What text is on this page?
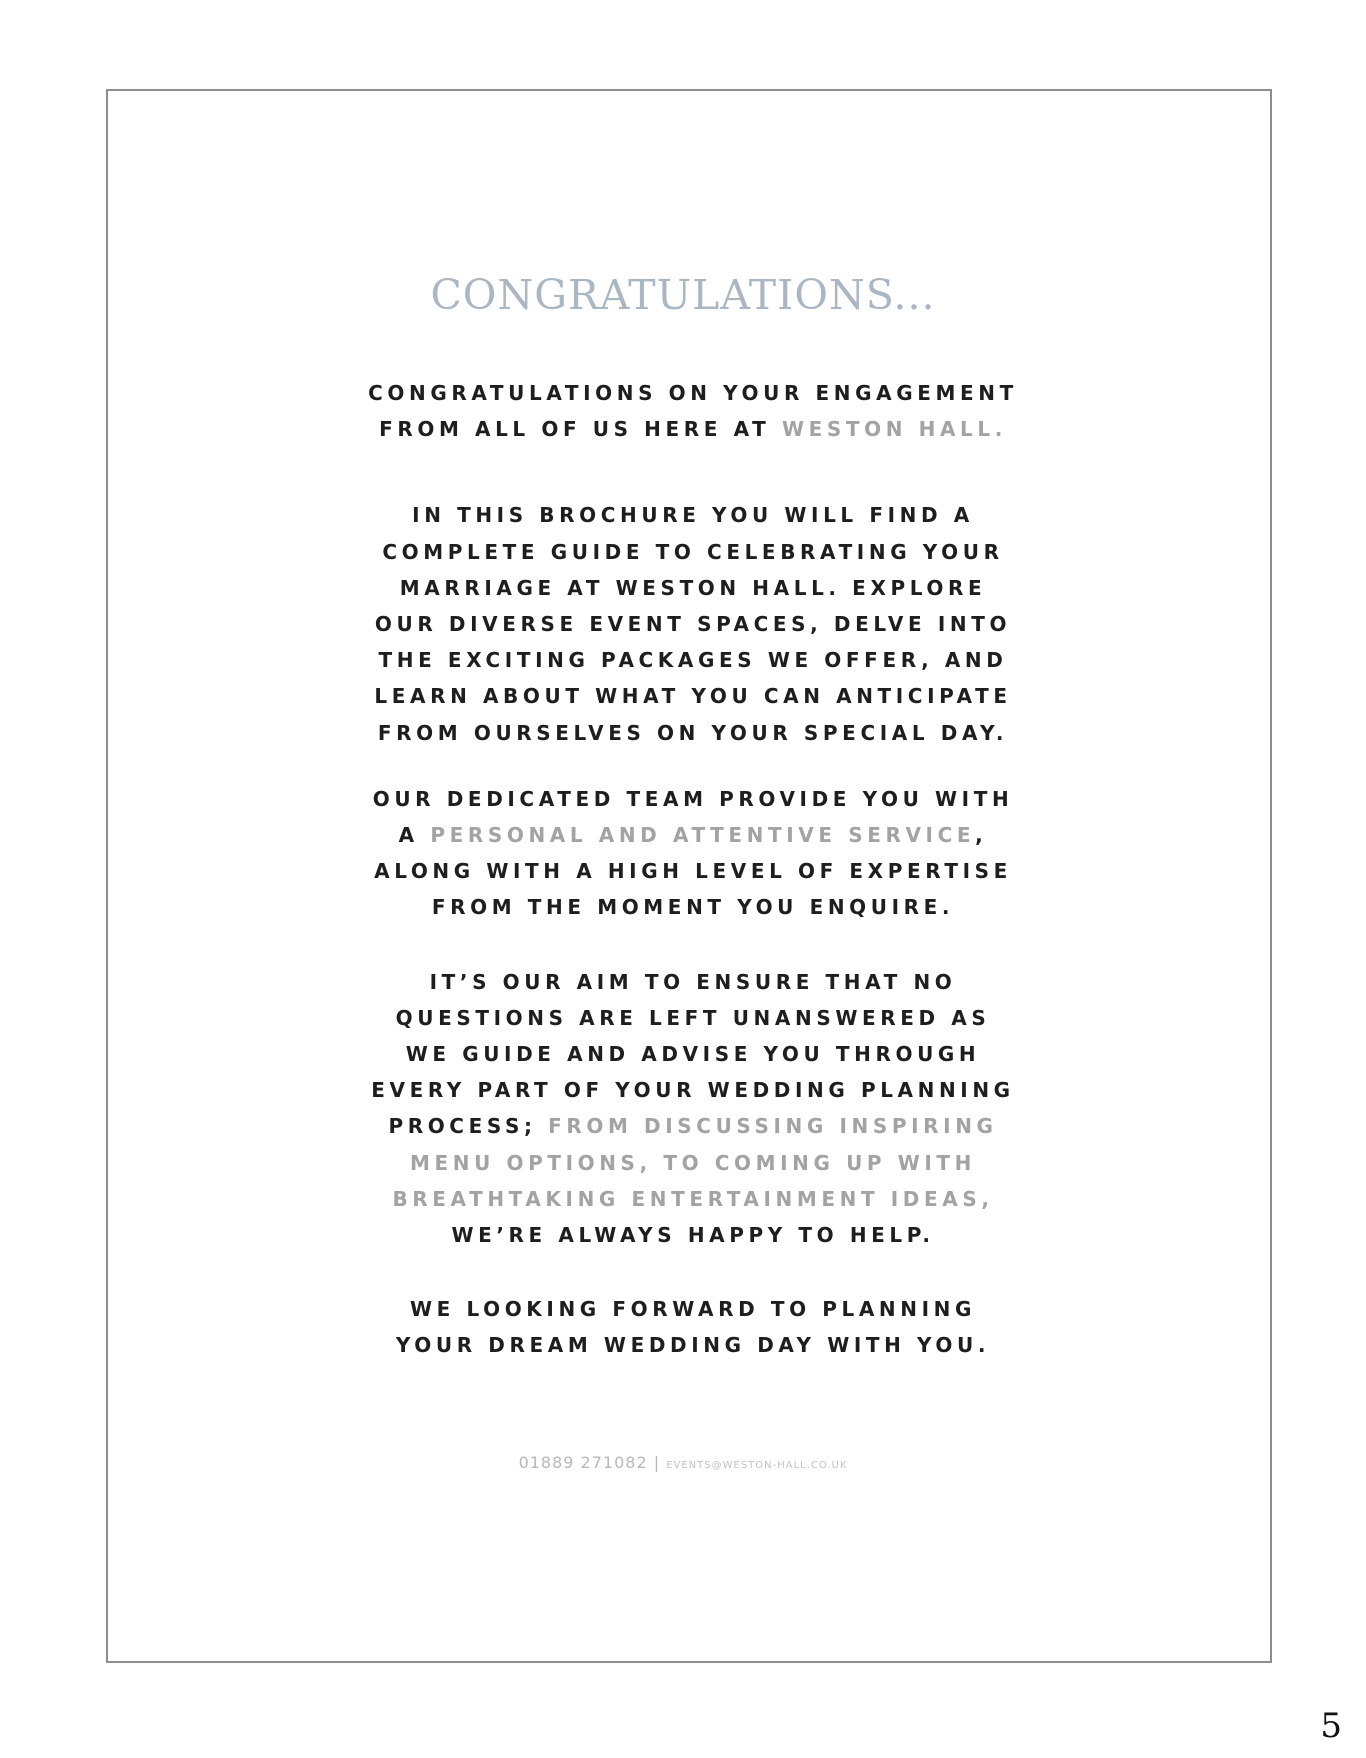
CONGRATULATIONS...
CONGRATULATIONS ON YOUR ENGAGEMENT
FROM ALL OF US HERE AT WESTON HALL.
IN THIS BROCHURE YOU WILL FIND A
COMPLETE GUIDE TO CELEBRATING YOUR
MARRIAGE AT WESTON HALL. EXPLORE
OUR DIVERSE EVENT SPACES, DELVE INTO
THE EXCITING PACKAGES WE OFFER, AND
LEARN ABOUT WHAT YOU CAN ANTICIPATE
FROM OURSELVES ON YOUR SPECIAL DAY.
OUR DEDICATED TEAM PROVIDE YOU WITH
A PERSONAL AND ATTENTIVE SERVICE,
ALONG WITH A HIGH LEVEL OF EXPERTISE
FROM THE MOMENT YOU ENQUIRE.
IT’S OUR AIM TO ENSURE THAT NO
QUESTIONS ARE LEFT UNANSWERED AS
WE GUIDE AND ADVISE YOU THROUGH
EVERY PART OF YOUR WEDDING PLANNING
PROCESS; FROM DISCUSSING INSPIRING
MENU OPTIONS, TO COMING UP WITH
BREATHTAKING ENTERTAINMENT IDEAS,
WE’RE ALWAYS HAPPY TO HELP.
WE LOOKING FORWARD TO PLANNING
YOUR DREAM WEDDING DAY WITH YOU.
01889 271082 | EVENTS@WESTON-HALL.CO.UK
5
